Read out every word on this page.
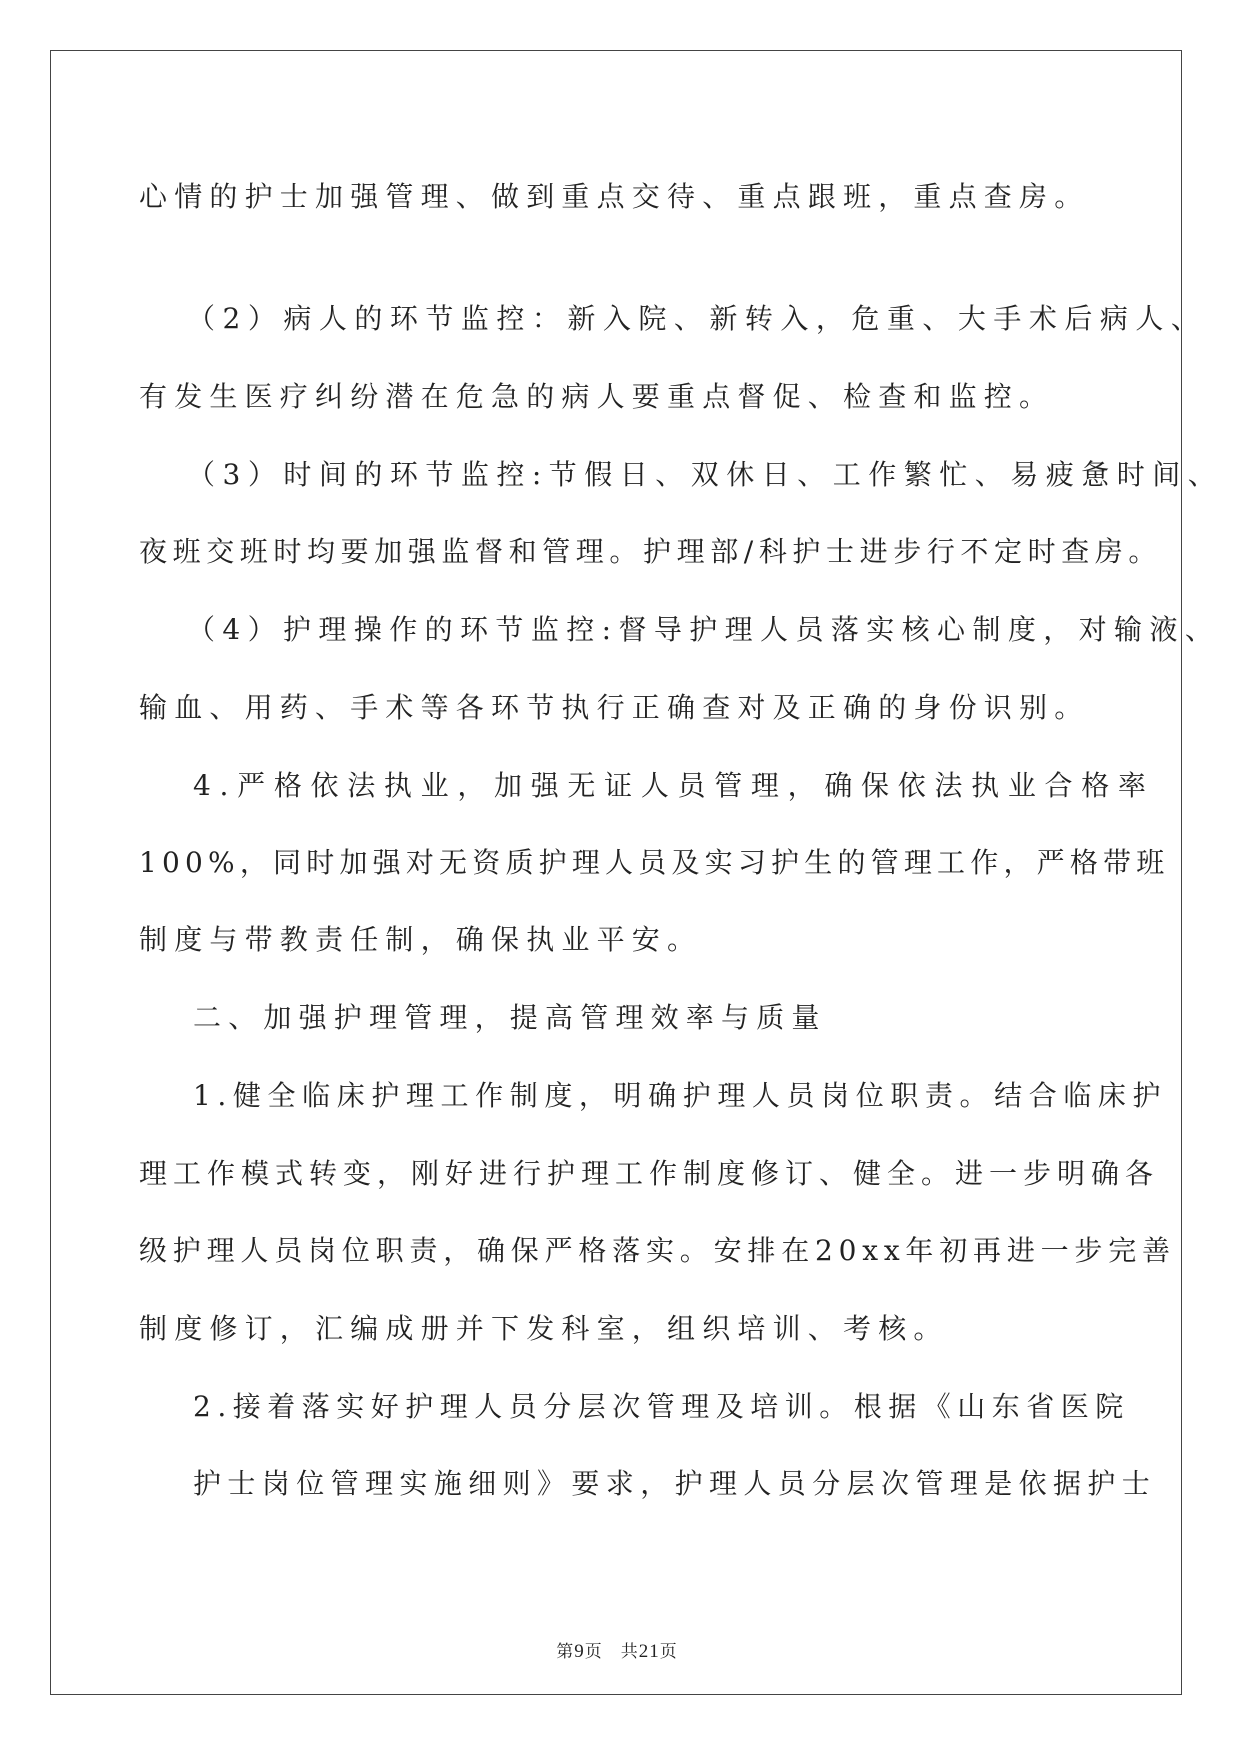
心情的护士加强管理、做到重点交待、重点跟班，重点查房。
（2）病人的环节监控：新入院、新转入，危重、大手术后病人、
有发生医疗纠纷潜在危急的病人要重点督促、检查和监控。
（3）时间的环节监控:节假日、双休日、工作繁忙、易疲惫时间、
夜班交班时均要加强监督和管理。护理部/科护士进步行不定时查房。
（4）护理操作的环节监控:督导护理人员落实核心制度，对输液、
输血、用药、手术等各环节执行正确查对及正确的身份识别。
4.严格依法执业，加强无证人员管理，确保依法执业合格率
100%，同时加强对无资质护理人员及实习护生的管理工作，严格带班
制度与带教责任制，确保执业平安。
二、加强护理管理，提高管理效率与质量
1.健全临床护理工作制度，明确护理人员岗位职责。结合临床护
理工作模式转变，刚好进行护理工作制度修订、健全。进一步明确各
级护理人员岗位职责，确保严格落实。安排在20xx年初再进一步完善
制度修订，汇编成册并下发科室，组织培训、考核。
2.接着落实好护理人员分层次管理及培训。根据《山东省医院
护士岗位管理实施细则》要求，护理人员分层次管理是依据护士
第9页　共21页
